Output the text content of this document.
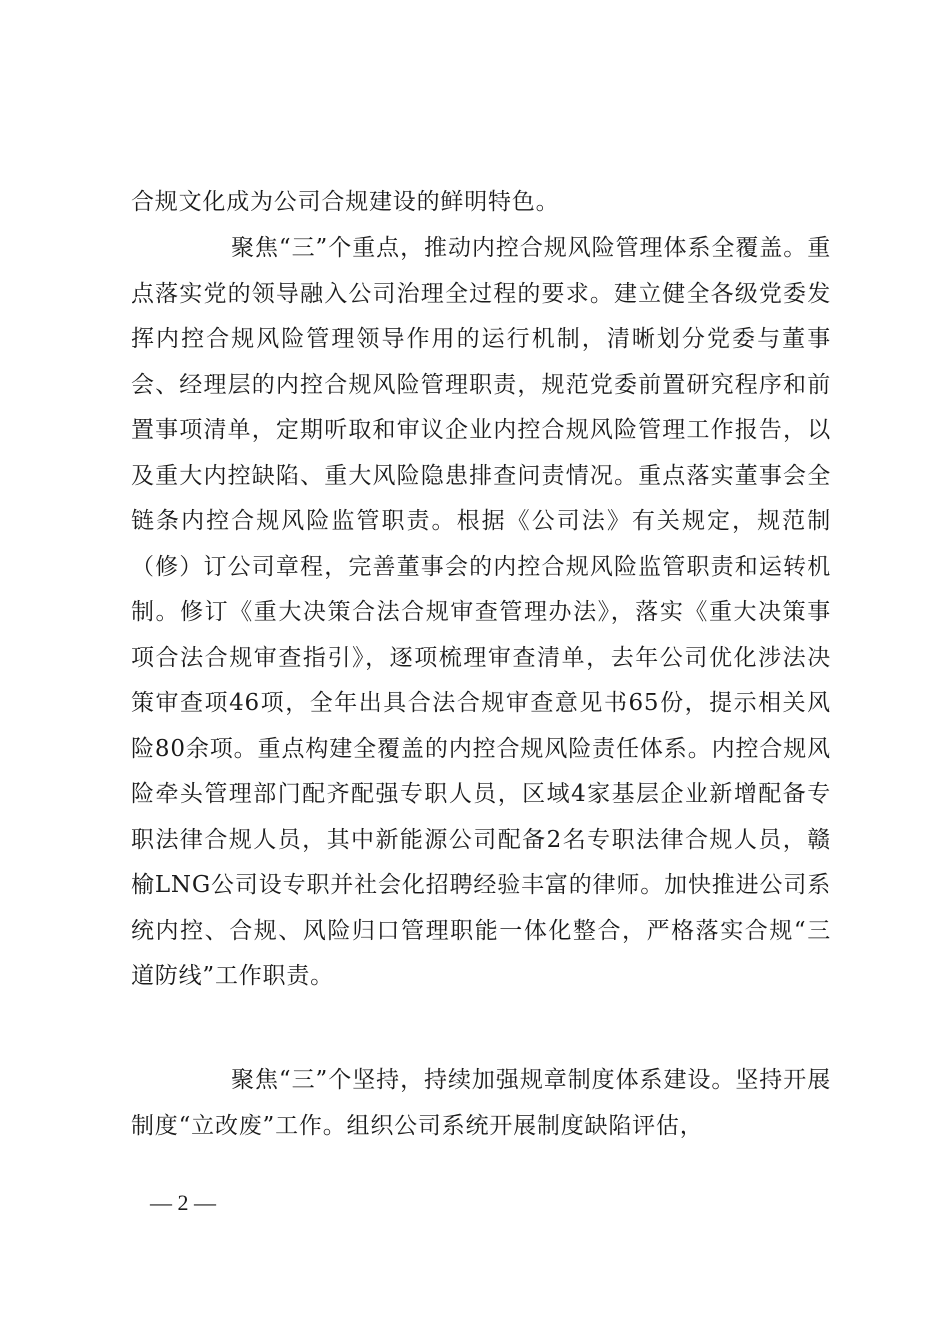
合规文化成为公司合规建设的鲜明特色。

聚焦“三”个重点，推动内控合规风险管理体系全覆盖。重点落实党的领导融入公司治理全过程的要求。建立健全各级党委发挥内控合规风险管理领导作用的运行机制，清晰划分党委与董事会、经理层的内控合规风险管理职责，规范党委前置研究程序和前置事项清单，定期听取和审议企业内控合规风险管理工作报告，以及重大内控缺陷、重大风险隐患排查问责情况。重点落实董事会全链条内控合规风险监管职责。根据《公司法》有关规定，规范制（修）订公司章程，完善董事会的内控合规风险监管职责和运转机制。修订《重大决策合法合规审查管理办法》，落实《重大决策事项合法合规审查指引》，逐项梳理审查清单，去年公司优化涉法决策审查项46项，全年出具合法合规审查意见书65份，提示相关风险80余项。重点构建全覆盖的内控合规风险责任体系。内控合规风险牵头管理部门配齐配强专职人员，区域4家基层企业新增配备专职法律合规人员，其中新能源公司配备2名专职法律合规人员，赣榆LNG公司设专职并社会化招聘经验丰富的律师。加快推进公司系统内控、合规、风险归口管理职能一体化整合，严格落实合规“三道防线”工作职责。

聚焦“三”个坚持，持续加强规章制度体系建设。坚持开展制度“立改废”工作。组织公司系统开展制度缺陷评估，

— 2 —
